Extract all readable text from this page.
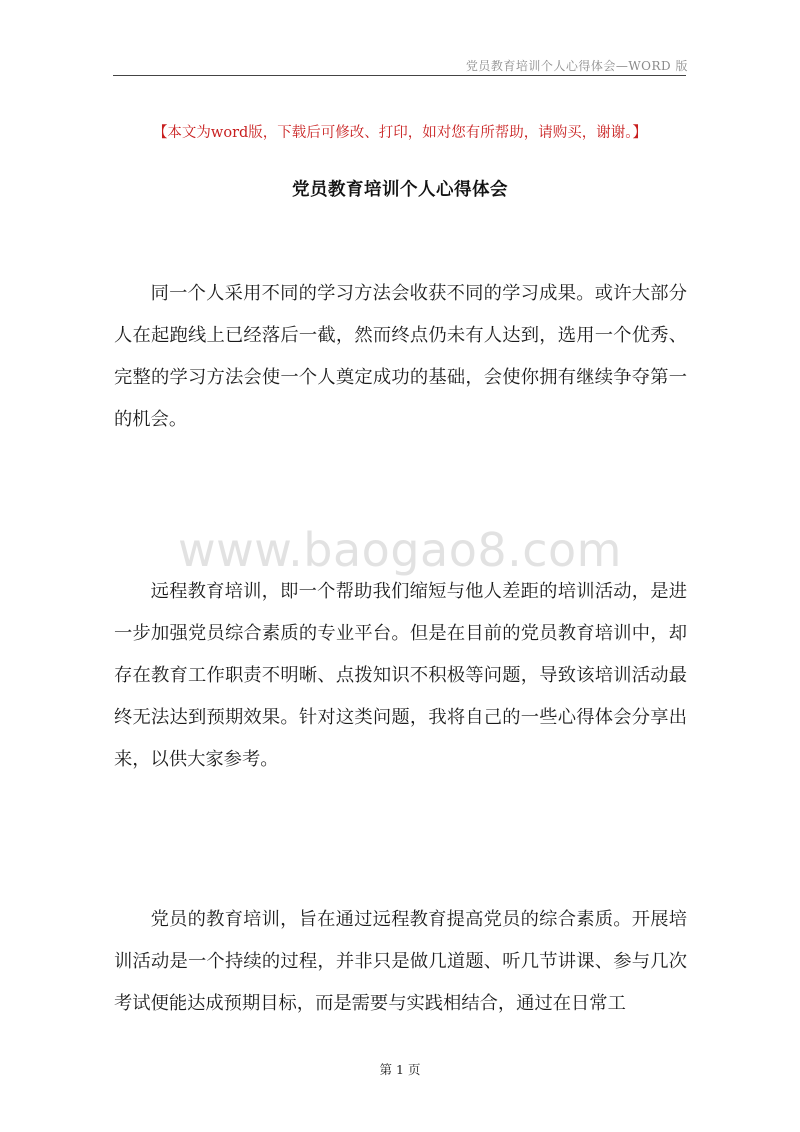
党员教育培训个人心得体会—WORD 版
【本文为word版，下载后可修改、打印，如对您有所帮助，请购买，谢谢。】
党员教育培训个人心得体会

同一个人采用不同的学习方法会收获不同的学习成果。或许大部分人在起跑线上已经落后一截，然而终点仍未有人达到，选用一个优秀、完整的学习方法会使一个人奠定成功的基础，会使你拥有继续争夺第一的机会。

www.baogao8.com

远程教育培训，即一个帮助我们缩短与他人差距的培训活动，是进一步加强党员综合素质的专业平台。但是在目前的党员教育培训中，却存在教育工作职责不明晰、点拨知识不积极等问题，导致该培训活动最终无法达到预期效果。针对这类问题，我将自己的一些心得体会分享出来，以供大家参考。

党员的教育培训，旨在通过远程教育提高党员的综合素质。开展培训活动是一个持续的过程，并非只是做几道题、听几节讲课、参与几次考试便能达成预期目标，而是需要与实践相结合，通过在日常工

第 1 页
